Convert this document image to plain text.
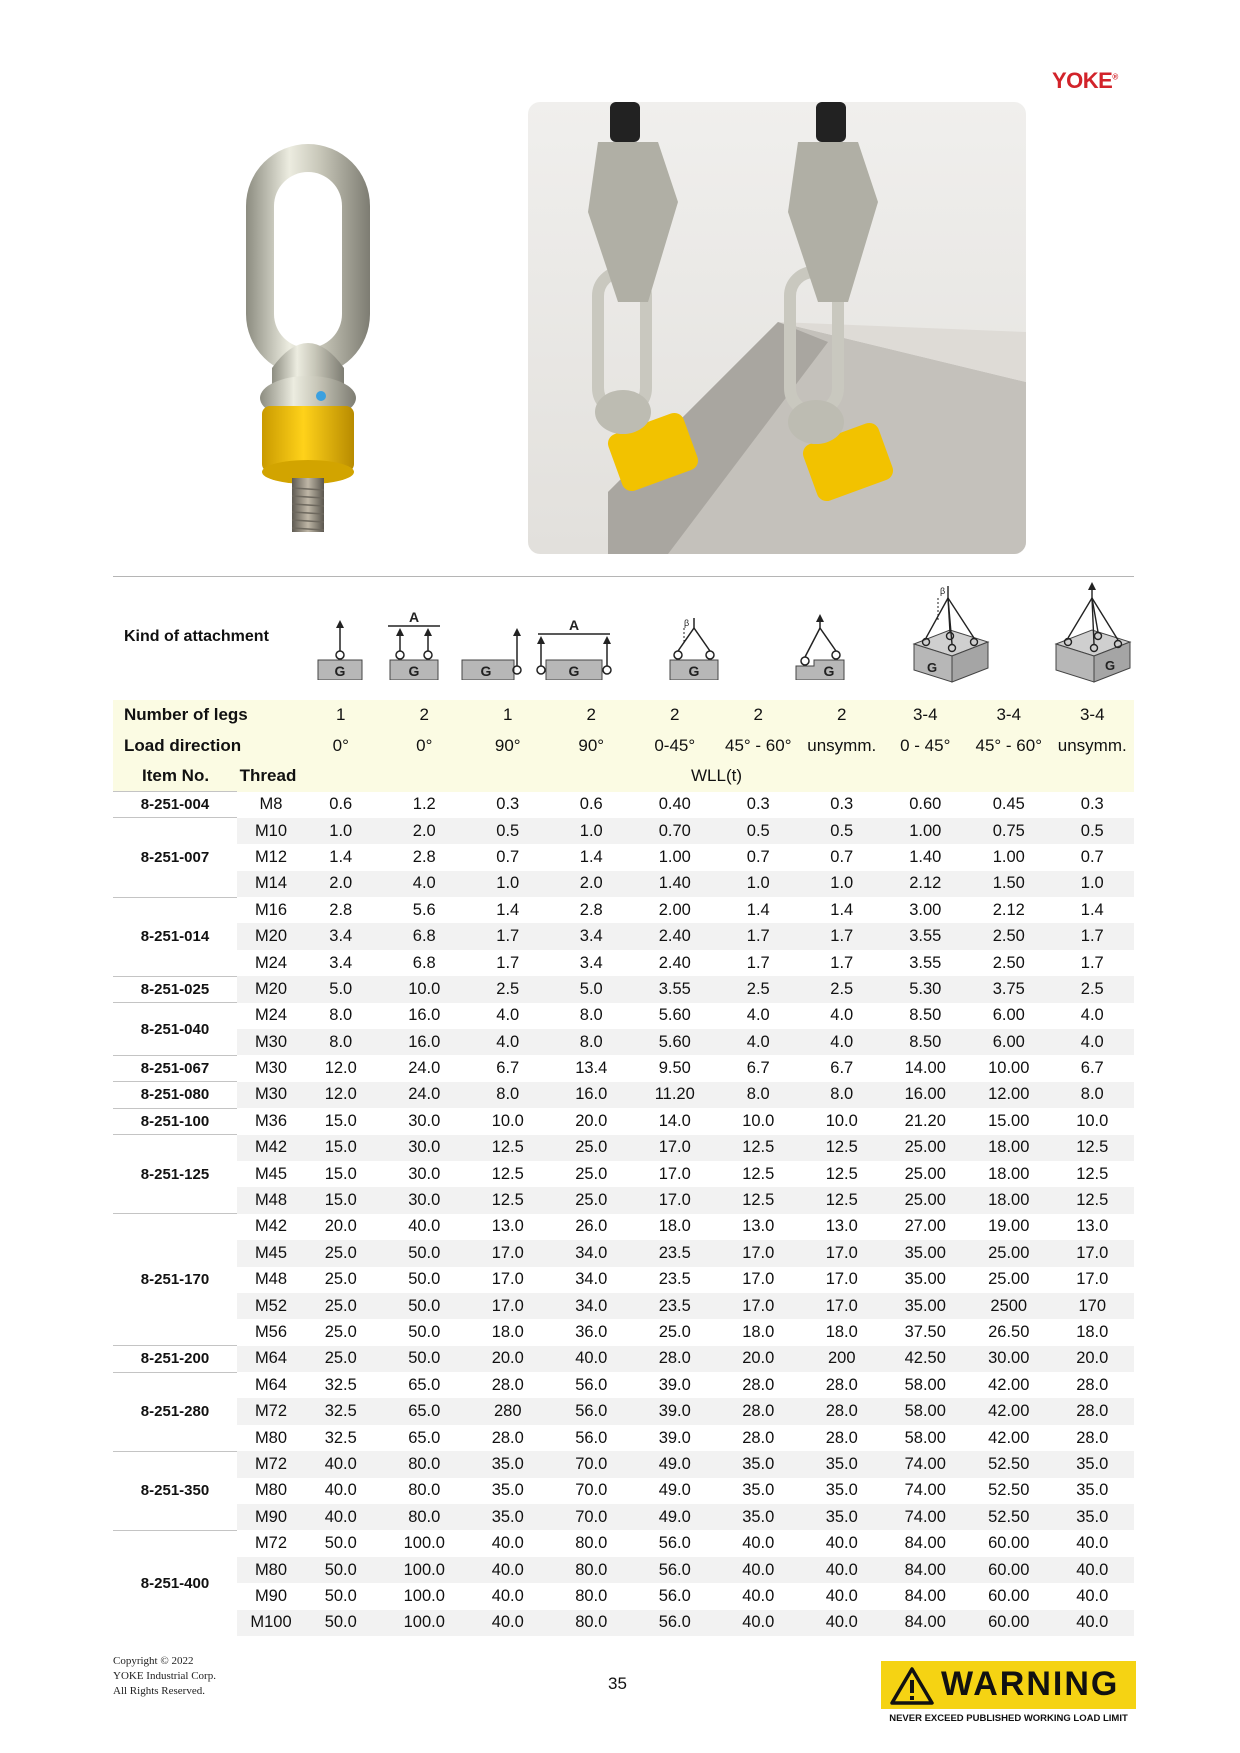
YOKE®
Kind of attachment
G
A
G	G
A
G	G
β
G	G
β
G
Number of legs		1	2	1	2	2	2	2	3-4	3-4	3-4
Load direction		0°	0°	90°	90°	0-45°	45° - 60°	unsymm.	0 - 45°	45° - 60°	unsymm.
Item No.	Thread	WLL(t)									
8-251-004	M8	0.6	1.2	0.3	0.6	0.40	0.3	0.3	0.60	0.45	0.3
8-251-007	M10	1.0	2.0	0.5	1.0	0.70	0.5	0.5	1.00	0.75	0.5
	M12	1.4	2.8	0.7	1.4	1.00	0.7	0.7	1.40	1.00	0.7
	M14	2.0	4.0	1.0	2.0	1.40	1.0	1.0	2.12	1.50	1.0
8-251-014	M16	2.8	5.6	1.4	2.8	2.00	1.4	1.4	3.00	2.12	1.4
	M20	3.4	6.8	1.7	3.4	2.40	1.7	1.7	3.55	2.50	1.7
	M24	3.4	6.8	1.7	3.4	2.40	1.7	1.7	3.55	2.50	1.7
8-251-025	M20	5.0	10.0	2.5	5.0	3.55	2.5	2.5	5.30	3.75	2.5
8-251-040	M24	8.0	16.0	4.0	8.0	5.60	4.0	4.0	8.50	6.00	4.0
	M30	8.0	16.0	4.0	8.0	5.60	4.0	4.0	8.50	6.00	4.0
8-251-067	M30	12.0	24.0	6.7	13.4	9.50	6.7	6.7	14.00	10.00	6.7
8-251-080	M30	12.0	24.0	8.0	16.0	11.20	8.0	8.0	16.00	12.00	8.0
8-251-100	M36	15.0	30.0	10.0	20.0	14.0	10.0	10.0	21.20	15.00	10.0
8-251-125	M42	15.0	30.0	12.5	25.0	17.0	12.5	12.5	25.00	18.00	12.5
	M45	15.0	30.0	12.5	25.0	17.0	12.5	12.5	25.00	18.00	12.5
	M48	15.0	30.0	12.5	25.0	17.0	12.5	12.5	25.00	18.00	12.5
8-251-170	M42	20.0	40.0	13.0	26.0	18.0	13.0	13.0	27.00	19.00	13.0
	M45	25.0	50.0	17.0	34.0	23.5	17.0	17.0	35.00	25.00	17.0
	M48	25.0	50.0	17.0	34.0	23.5	17.0	17.0	35.00	25.00	17.0
	M52	25.0	50.0	17.0	34.0	23.5	17.0	17.0	35.00	2500	170
	M56	25.0	50.0	18.0	36.0	25.0	18.0	18.0	37.50	26.50	18.0
8-251-200	M64	25.0	50.0	20.0	40.0	28.0	20.0	200	42.50	30.00	20.0
8-251-280	M64	32.5	65.0	28.0	56.0	39.0	28.0	28.0	58.00	42.00	28.0
	M72	32.5	65.0	280	56.0	39.0	28.0	28.0	58.00	42.00	28.0
	M80	32.5	65.0	28.0	56.0	39.0	28.0	28.0	58.00	42.00	28.0
8-251-350	M72	40.0	80.0	35.0	70.0	49.0	35.0	35.0	74.00	52.50	35.0
	M80	40.0	80.0	35.0	70.0	49.0	35.0	35.0	74.00	52.50	35.0
	M90	40.0	80.0	35.0	70.0	49.0	35.0	35.0	74.00	52.50	35.0
8-251-400	M72	50.0	100.0	40.0	80.0	56.0	40.0	40.0	84.00	60.00	40.0
	M80	50.0	100.0	40.0	80.0	56.0	40.0	40.0	84.00	60.00	40.0
	M90	50.0	100.0	40.0	80.0	56.0	40.0	40.0	84.00	60.00	40.0
	M100	50.0	100.0	40.0	80.0	56.0	40.0	40.0	84.00	60.00	40.0
Copyright © 2022
YOKE Industrial Corp.
All Rights Reserved.	35	WARNING
NEVER EXCEED PUBLISHED WORKING LOAD LIMIT
